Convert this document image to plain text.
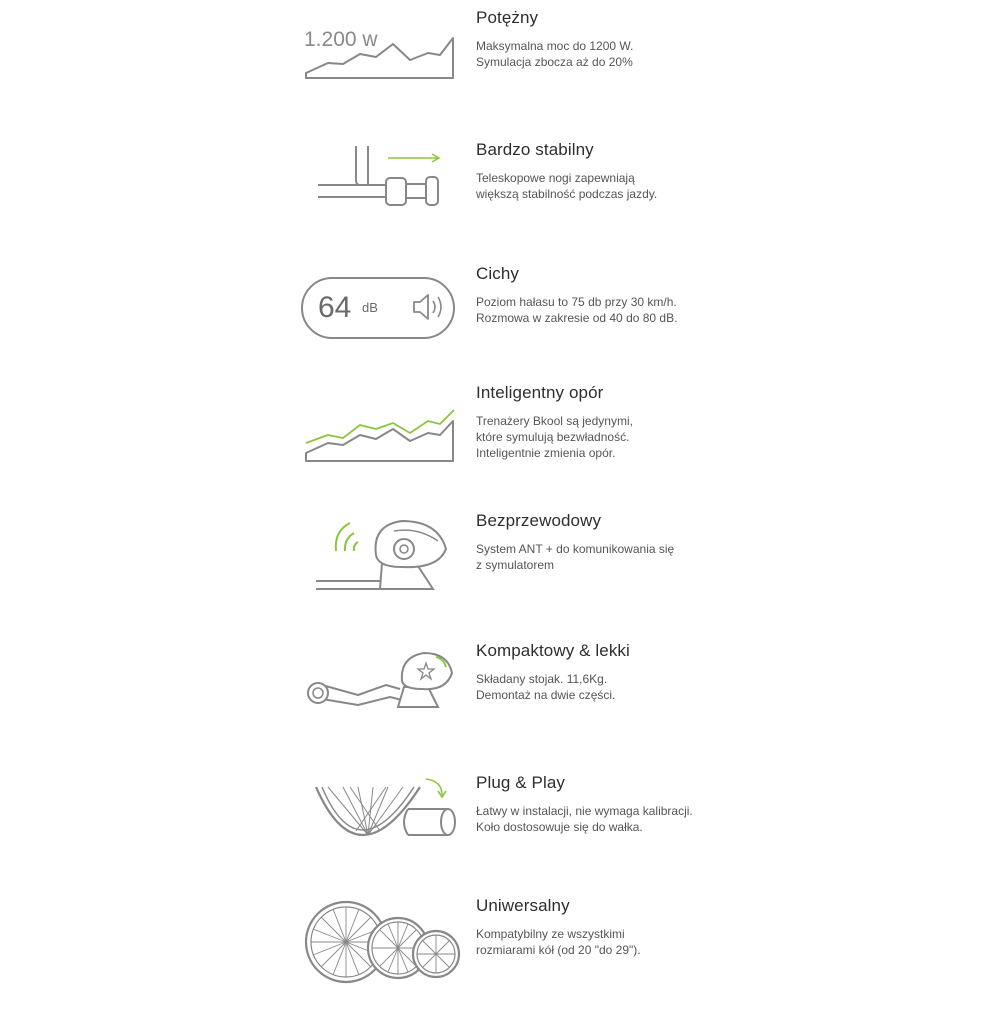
1.200 w
Potężny

Maksymalna moc do 1200 W.
Symulacja zbocza aż do 20%

Bardzo stabilny

Teleskopowe nogi zapewniają
większą stabilność podczas jazdy.

64 dB
Cichy

Poziom hałasu to 75 db przy 30 km/h.
Rozmowa w zakresie od 40 do 80 dB.

Inteligentny opór

Trenażery Bkool są jedynymi,
które symulują bezwładność.
Inteligentnie zmienia opór.

Bezprzewodowy

System ANT + do komunikowania się
z symulatorem

Kompaktowy & lekki

Składany stojak. 11,6Kg.
Demontaż na dwie części.

Plug & Play

Łatwy w instalacji, nie wymaga kalibracji.
Koło dostosowuje się do wałka.

Uniwersalny

Kompatybilny ze wszystkimi
rozmiarami kół (od 20 "do 29").
